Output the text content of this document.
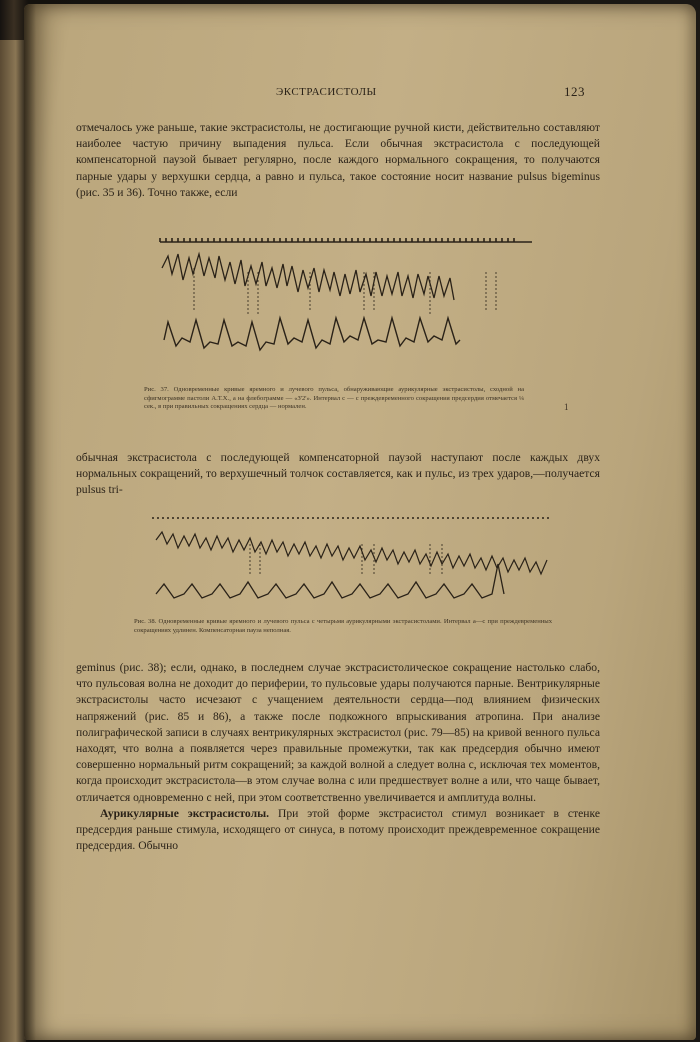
ЭКСТРАСИСТОЛЫ	123

отмечалось уже раньше, такие экстрасистолы, не достигающие ручной кисти, действительно составляют наиболее частую причину выпадения пульса. Если обычная экстрасистола с последующей компенсаторной паузой бывает регулярно, после каждого нормального сокращения, то получаются парные удары у верхушки сердца, а равно и пульса, такое состояние носит название pulsus bigeminus (рис. 35 и 36). Точно также, если

Рис. 37. Одновременные кривые яремного и лучевого пульса, обнаруживающие аурикулярные экстрасистолы, сходной на сфигмограмме пастоли А.Т.Х., а на флебограмме — «З'2'». Интервал c — c преждевременного сокращения предсердия отмечается ¼ сек., в при правильных сокращениях сердца — нормален.	1

обычная экстрасистола с последующей компенсаторной паузой наступают после каждых двух нормальных сокращений, то верхушечный толчок составляется, как и пульс, из трех ударов,—получается pulsus tri-

Рис. 38. Одновременные кривые яремного и лучевого пульса с четырьмя аурикулярными экстрасистолами. Интервал а—с при преждевременных сокращениях удлинен. Компенсаторная пауза неполная.

geminus (рис. 38); если, однако, в последнем случае экстрасистолическое сокращение настолько слабо, что пульсовая волна не доходит до периферии, то пульсовые удары получаются парные. Вентрикулярные экстрасистолы часто исчезают с учащением деятельности сердца—под влиянием физических напряжений (рис. 85 и 86), а также после подкожного впрыскивания атропина. При анализе полиграфической записи в случаях вентрикулярных экстрасистол (рис. 79—85) на кривой венного пульса находят, что волна a появляется через правильные промежутки, так как предсердия обычно имеют совершенно нормальный ритм сокращений; за каждой волной a следует волна c, исключая тех моментов, когда происходит экстрасистола—в этом случае волна c или предшествует волне a или, что чаще бывает, отличается одновременно с ней, при этом соответственно увеличивается и амплитуда волны.

Аурикулярные экстрасистолы. При этой форме экстрасистол стимул возникает в стенке предсердия раньше стимула, исходящего от синуса, в потому происходит преждевременное сокращение предсердия. Обычно
